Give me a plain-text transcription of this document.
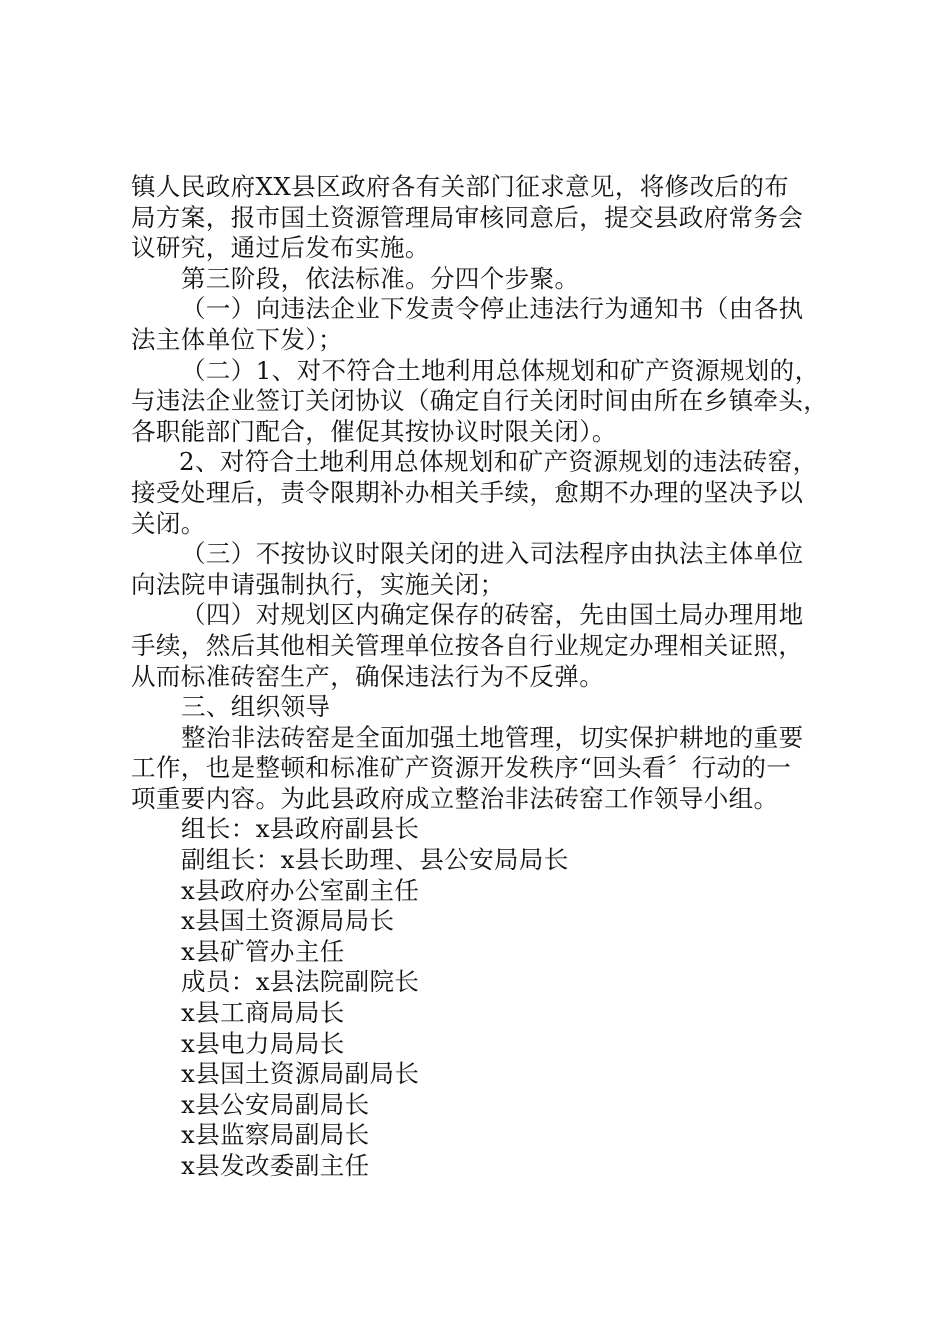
镇人民政府XX县区政府各有关部门征求意见，将修改后的布

局方案，报市国土资源管理局审核同意后，提交县政府常务会

议研究，通过后发布实施。

第三阶段，依法标准。分四个步聚。

（一）向违法企业下发责令停止违法行为通知书（由各执

法主体单位下发）；

（二）1、对不符合土地利用总体规划和矿产资源规划的，

与违法企业签订关闭协议（确定自行关闭时间由所在乡镇牵头，

各职能部门配合，催促其按协议时限关闭）。

2、对符合土地利用总体规划和矿产资源规划的违法砖窑，

接受处理后，责令限期补办相关手续，愈期不办理的坚决予以

关闭。

（三）不按协议时限关闭的进入司法程序由执法主体单位

向法院申请强制执行，实施关闭；

（四）对规划区内确定保存的砖窑，先由国土局办理用地

手续，然后其他相关管理单位按各自行业规定办理相关证照，

从而标准砖窑生产，确保违法行为不反弹。

三、组织领导

整治非法砖窑是全面加强土地管理，切实保护耕地的重要

工作，也是整顿和标准矿产资源开发秩序“回头看〞行动的一

项重要内容。为此县政府成立整治非法砖窑工作领导小组。

组长：x县政府副县长

副组长：x县长助理、县公安局局长

x县政府办公室副主任

x县国土资源局局长

x县矿管办主任

成员：x县法院副院长

x县工商局局长

x县电力局局长

x县国土资源局副局长

x县公安局副局长

x县监察局副局长

x县发改委副主任
